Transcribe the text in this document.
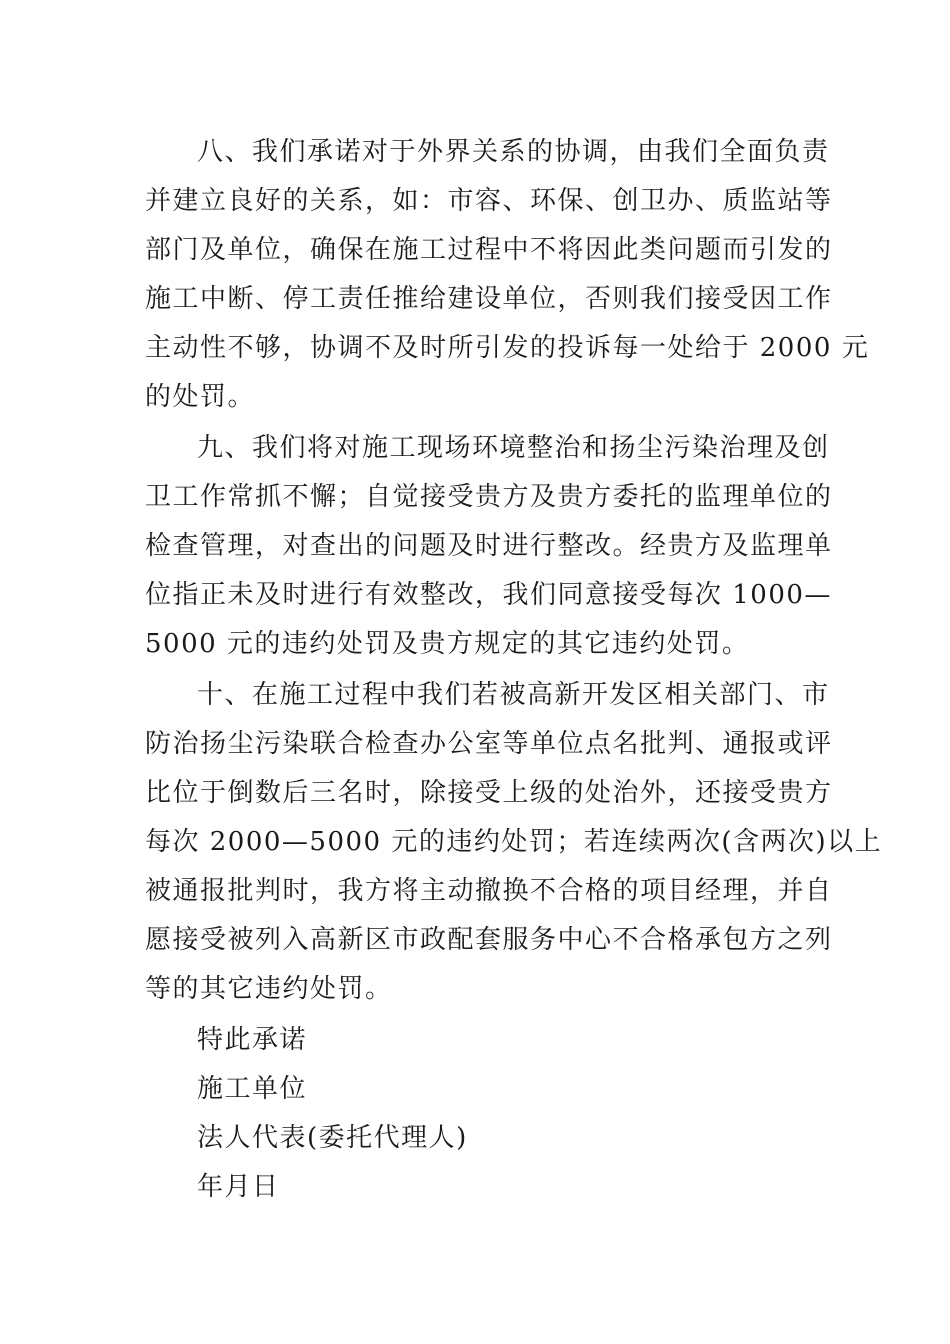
八、我们承诺对于外界关系的协调，由我们全面负责
并建立良好的关系，如：市容、环保、创卫办、质监站等
部门及单位，确保在施工过程中不将因此类问题而引发的
施工中断、停工责任推给建设单位，否则我们接受因工作
主动性不够，协调不及时所引发的投诉每一处给于 2000 元
的处罚。
九、我们将对施工现场环境整治和扬尘污染治理及创
卫工作常抓不懈；自觉接受贵方及贵方委托的监理单位的
检查管理，对查出的问题及时进行整改。经贵方及监理单
位指正未及时进行有效整改，我们同意接受每次 1000—
5000 元的违约处罚及贵方规定的其它违约处罚。
十、在施工过程中我们若被高新开发区相关部门、市
防治扬尘污染联合检查办公室等单位点名批判、通报或评
比位于倒数后三名时，除接受上级的处治外，还接受贵方
每次 2000—5000 元的违约处罚；若连续两次(含两次)以上
被通报批判时，我方将主动撤换不合格的项目经理，并自
愿接受被列入高新区市政配套服务中心不合格承包方之列
等的其它违约处罚。
特此承诺
施工单位
法人代表(委托代理人)
年月日
